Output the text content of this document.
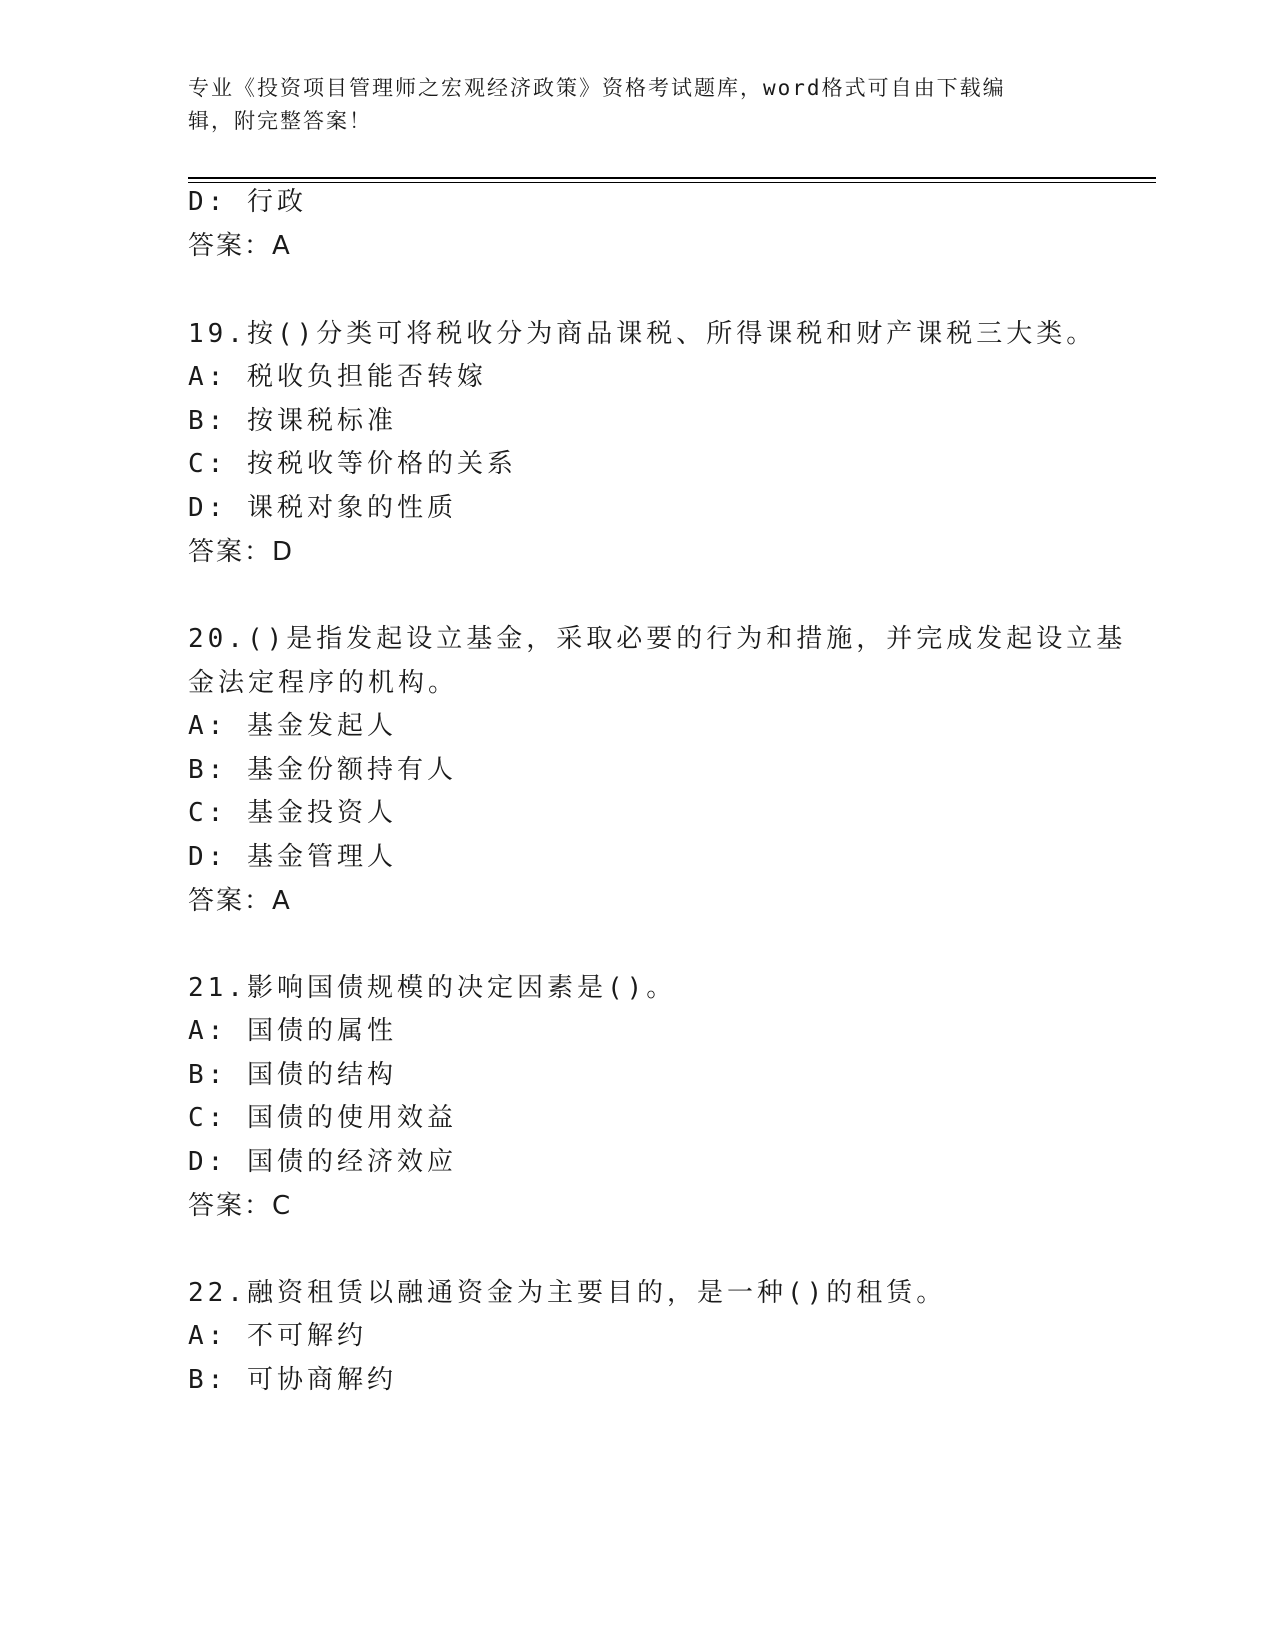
专业《投资项目管理师之宏观经济政策》资格考试题库，word格式可自由下载编
辑，附完整答案！
D: 行政
答案：A
19.按()分类可将税收分为商品课税、所得课税和财产课税三大类。
A: 税收负担能否转嫁
B: 按课税标准
C: 按税收等价格的关系
D: 课税对象的性质
答案：D
20.()是指发起设立基金，采取必要的行为和措施，并完成发起设立基
金法定程序的机构。
A: 基金发起人
B: 基金份额持有人
C: 基金投资人
D: 基金管理人
答案：A
21.影响国债规模的决定因素是()。
A: 国债的属性
B: 国债的结构
C: 国债的使用效益
D: 国债的经济效应
答案：C
22.融资租赁以融通资金为主要目的，是一种()的租赁。
A: 不可解约
B: 可协商解约
